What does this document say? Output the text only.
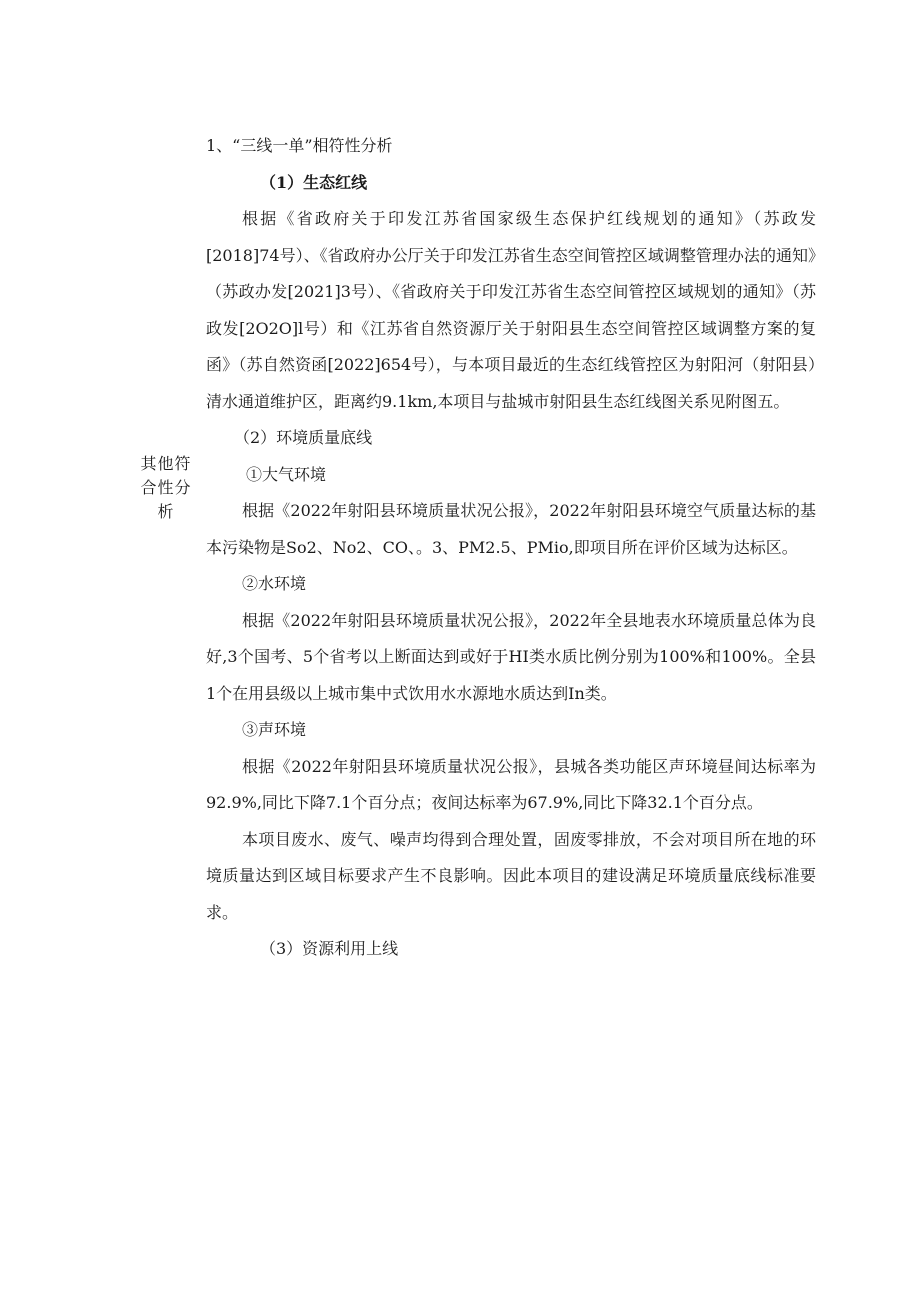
其他符合性分析
1、“三线一单”相符性分析
（1）生态红线

根据《省政府关于印发江苏省国家级生态保护红线规划的通知》（苏政发[2018]74号）、《省政府办公厅关于印发江苏省生态空间管控区域调整管理办法的通知》（苏政办发[2021]3号）、《省政府关于印发江苏省生态空间管控区域规划的通知》（苏政发[2O2O]l号）和《江苏省自然资源厅关于射阳县生态空间管控区域调整方案的复函》（苏自然资函[2022]654号），与本项目最近的生态红线管控区为射阳河（射阳县）清水通道维护区，距离约9.1km,本项目与盐城市射阳县生态红线图关系见附图五。

（2）环境质量底线
①大气环境

根据《2022年射阳县环境质量状况公报》，2022年射阳县环境空气质量达标的基本污染物是So2、No2、CO、。3、PM2.5、PMio,即项目所在评价区域为达标区。

②水环境

根据《2022年射阳县环境质量状况公报》，2022年全县地表水环境质量总体为良好,3个国考、5个省考以上断面达到或好于HI类水质比例分别为100%和100%。全县1个在用县级以上城市集中式饮用水水源地水质达到In类。

③声环境

根据《2022年射阳县环境质量状况公报》，县城各类功能区声环境昼间达标率为92.9%,同比下降7.1个百分点；夜间达标率为67.9%,同比下降32.1个百分点。

本项目废水、废气、噪声均得到合理处置，固废零排放，不会对项目所在地的环境质量达到区域目标要求产生不良影响。因此本项目的建设满足环境质量底线标准要求。

（3）资源利用上线
